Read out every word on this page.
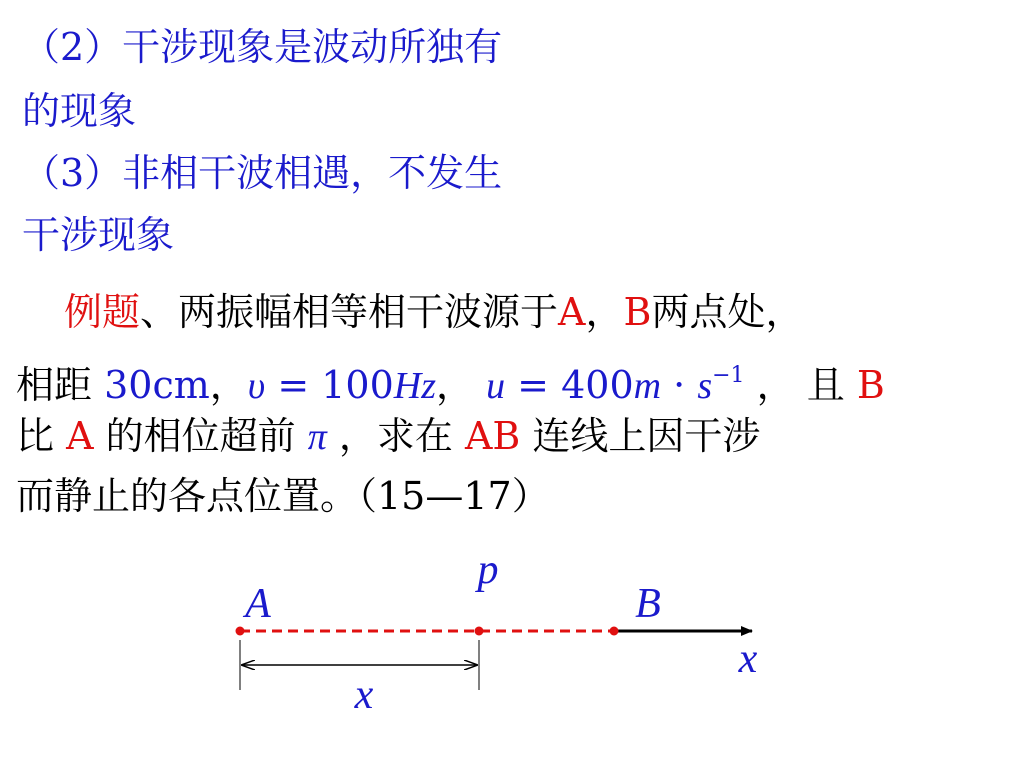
（2）干涉现象是波动所独有
的现象
（3）非相干波相遇，不发生
干涉现象
例题、两振幅相等相干波源于A，B两点处，
相距 30cm，υ = 100Hz， $u = 400m \cdot s^{-1}$ ， 且 B
比 A 的相位超前 π ，求在 AB 连线上因干涉
而静止的各点位置。（15—17）
p
A	B
x
x
